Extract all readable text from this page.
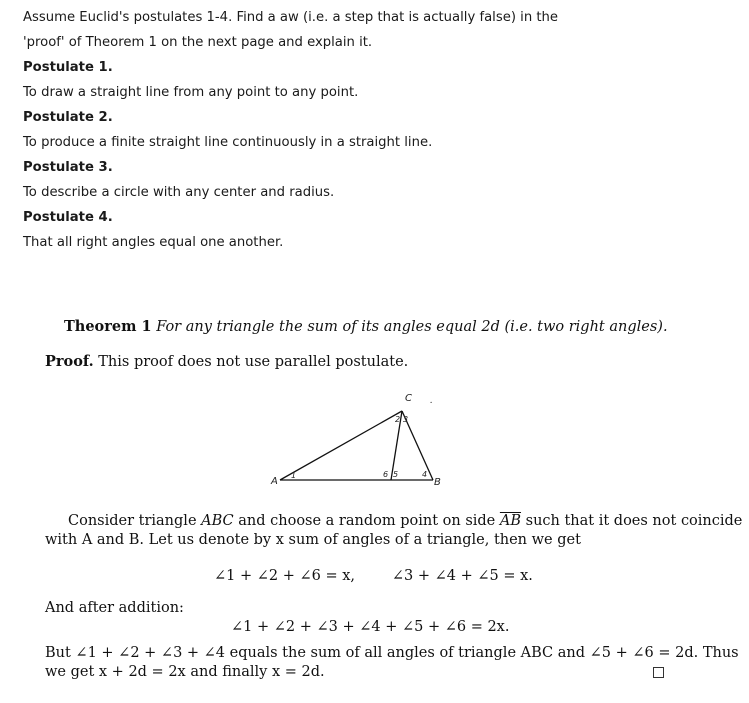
Assume Euclid's postulates 1-4. Find a aw (i.e. a step that is actually false) in the
'proof' of Theorem 1 on the next page and explain it.
Postulate 1.
To draw a straight line from any point to any point.
Postulate 2.
To produce a finite straight line continuously in a straight line.
Postulate 3.
To describe a circle with any center and radius.
Postulate 4.
That all right angles equal one another.
Theorem 1 For any triangle the sum of its angles equal 2d (i.e. two right angles).
Proof. This proof does not use parallel postulate.
A	B
C .
1
2 3
4
5
6
Consider triangle ABC and choose a random point on side $\overline{AB}$ such that it does not coincide
with A and B. Let us denote by x sum of angles of a triangle, then we get
∠1 + ∠2 + ∠6 = x,        ∠3 + ∠4 + ∠5 = x.
And after addition:
∠1 + ∠2 + ∠3 + ∠4 + ∠5 + ∠6 = 2x.
But ∠1 + ∠2 + ∠3 + ∠4 equals the sum of all angles of triangle ABC and ∠5 + ∠6 = 2d. Thus
we get x + 2d = 2x and finally x = 2d.
